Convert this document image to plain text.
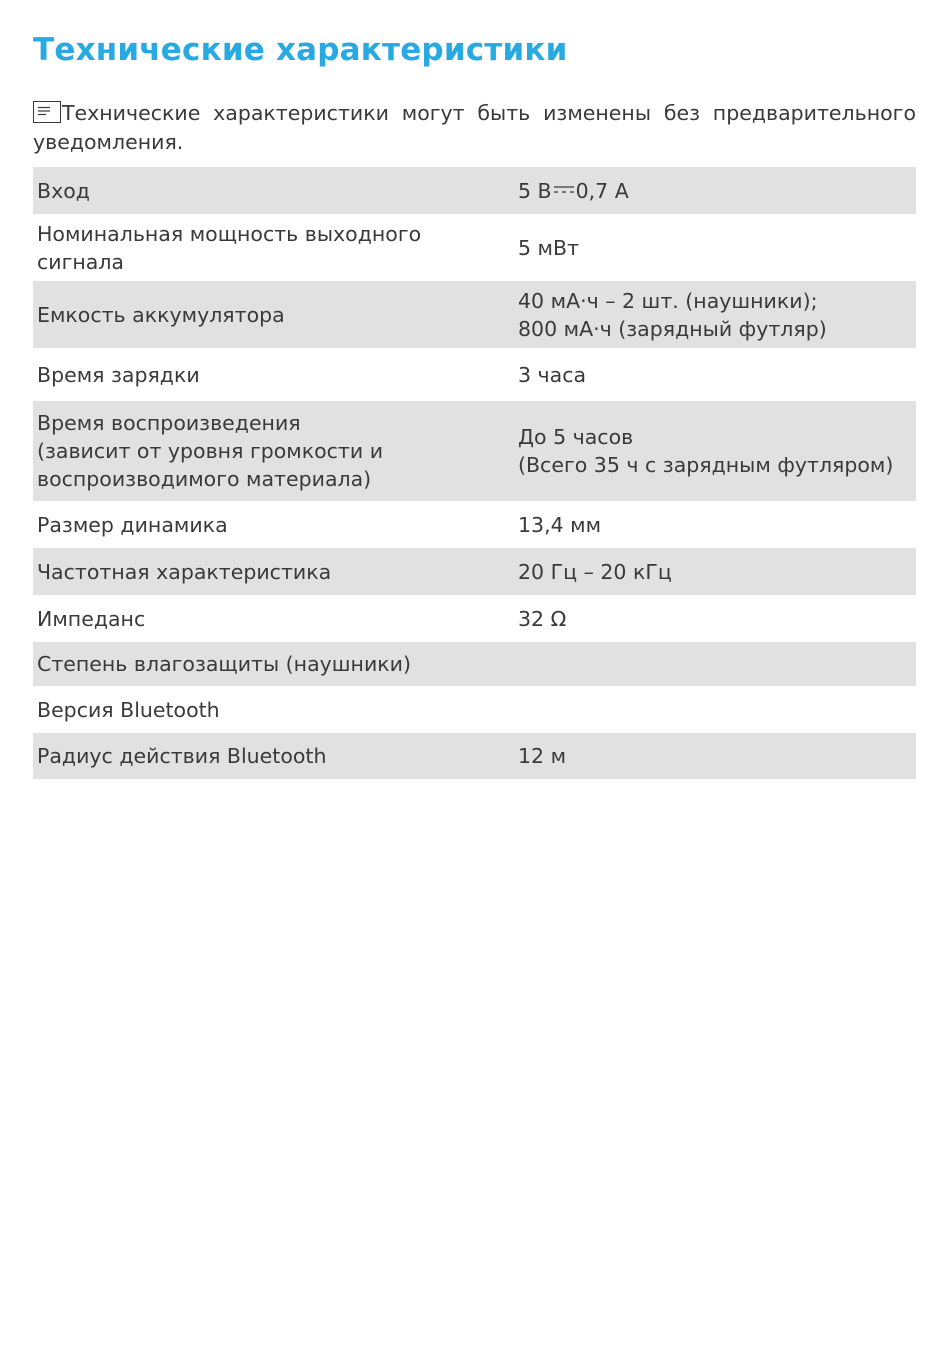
Технические характеристики
Технические характеристики могут быть изменены без предварительного уведомления.
Вход	5 В 0,7 А

Номинальная мощность выходного
сигнала	5 мВт

Емкость аккумулятора	40 мА·ч – 2 шт. (наушники);
800 мА·ч (зарядный футляр)

Время зарядки	3 часа

Время воспроизведения
(зависит от уровня громкости и
воспроизводимого материала)	До 5 часов
(Всего 35 ч с зарядным футляром)

Размер динамика	13,4 мм

Частотная характеристика	20 Гц – 20 кГц

Импеданс	32 Ω

Степень влагозащиты (наушники)	

Версия Bluetooth	

Радиус действия Bluetooth	12 м
